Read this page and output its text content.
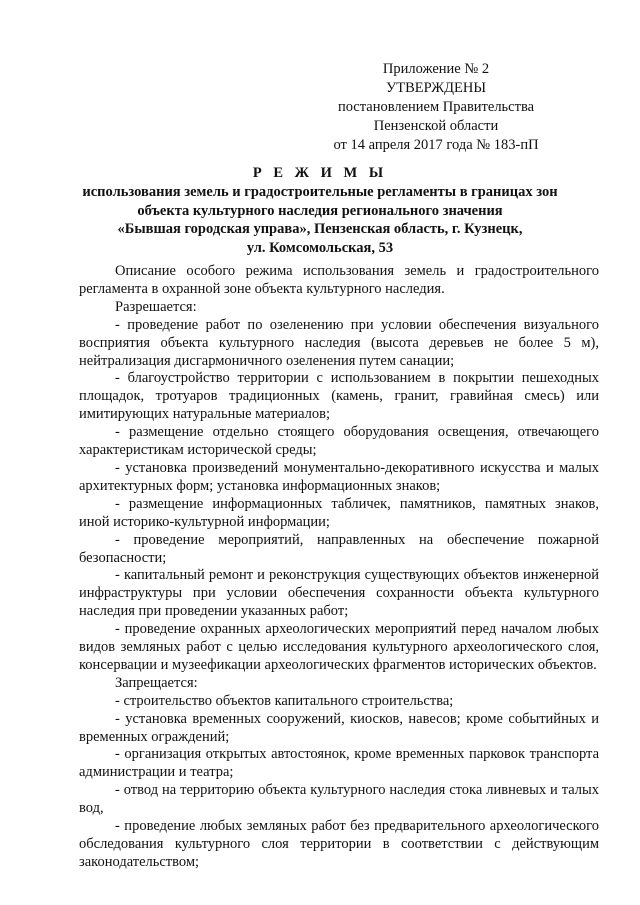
Приложение № 2
УТВЕРЖДЕНЫ
постановлением Правительства
Пензенской области
от 14 апреля 2017 года № 183-пП
Р Е Ж И М Ы
использования земель и градостроительные регламенты в границах зон
объекта культурного наследия регионального значения
«Бывшая городская управа», Пензенская область, г. Кузнецк,
ул. Комсомольская, 53

Описание особого режима использования земель и градостроительного регламента в охранной зоне объекта культурного наследия.

Разрешается:

- проведение работ по озеленению при условии обеспечения визуального восприятия объекта культурного наследия (высота деревьев не более 5 м), нейтрализация дисгармоничного озеленения путем санации;

- благоустройство территории с использованием в покрытии пешеходных площадок, тротуаров традиционных (камень, гранит, гравийная смесь) или имитирующих натуральные материалов;

- размещение отдельно стоящего оборудования освещения, отвечающего характеристикам исторической среды;

- установка произведений монументально-декоративного искусства и малых архитектурных форм; установка информационных знаков;

- размещение информационных табличек, памятников, памятных знаков, иной историко-культурной информации;

- проведение мероприятий, направленных на обеспечение пожарной безопасности;

- капитальный ремонт и реконструкция существующих объектов инженерной инфраструктуры при условии обеспечения сохранности объекта культурного наследия при проведении указанных работ;

- проведение охранных археологических мероприятий перед началом любых видов земляных работ с целью исследования культурного археологического слоя, консервации и музеефикации археологических фрагментов исторических объектов.

Запрещается:

- строительство объектов капитального строительства;

- установка временных сооружений, киосков, навесов; кроме событийных и временных ограждений;

- организация открытых автостоянок, кроме временных парковок транспорта администрации и театра;

- отвод на территорию объекта культурного наследия стока ливневых и талых вод,

- проведение любых земляных работ без предварительного археологического обследования культурного слоя территории в соответствии с действующим законодательством;
